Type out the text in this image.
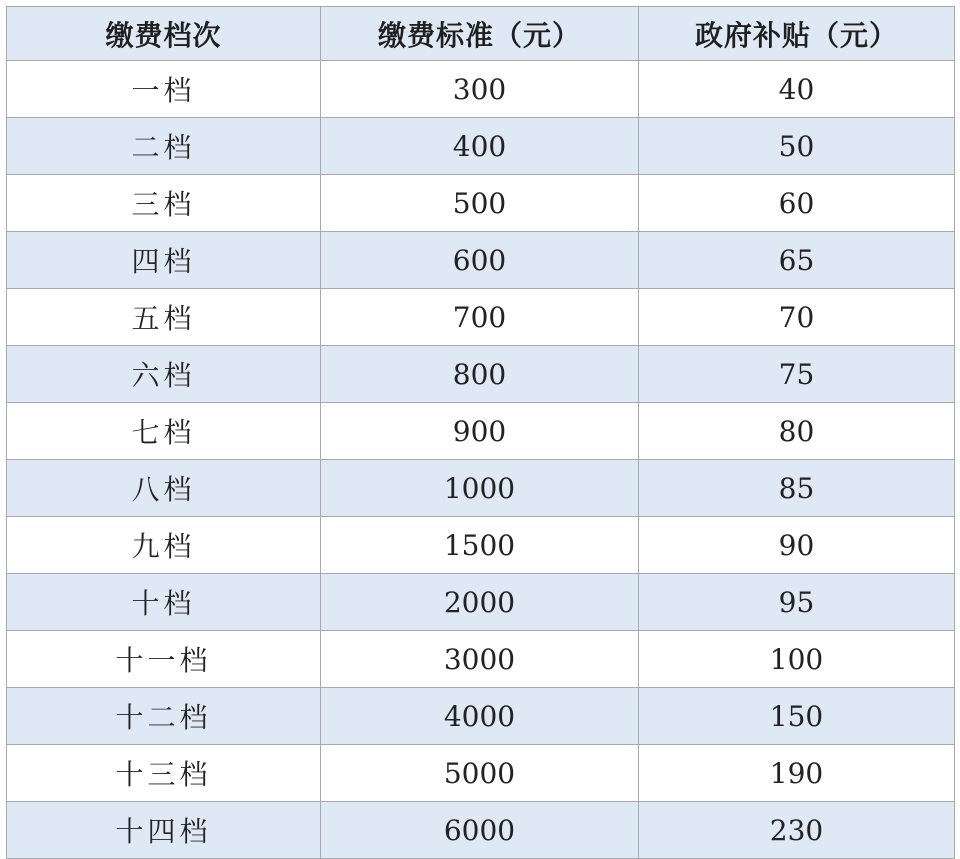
缴费档次	缴费标准（元）	政府补贴（元）
一档	300	40
二档	400	50
三档	500	60
四档	600	65
五档	700	70
六档	800	75
七档	900	80
八档	1000	85
九档	1500	90
十档	2000	95
十一档	3000	100
十二档	4000	150
十三档	5000	190
十四档	6000	230
